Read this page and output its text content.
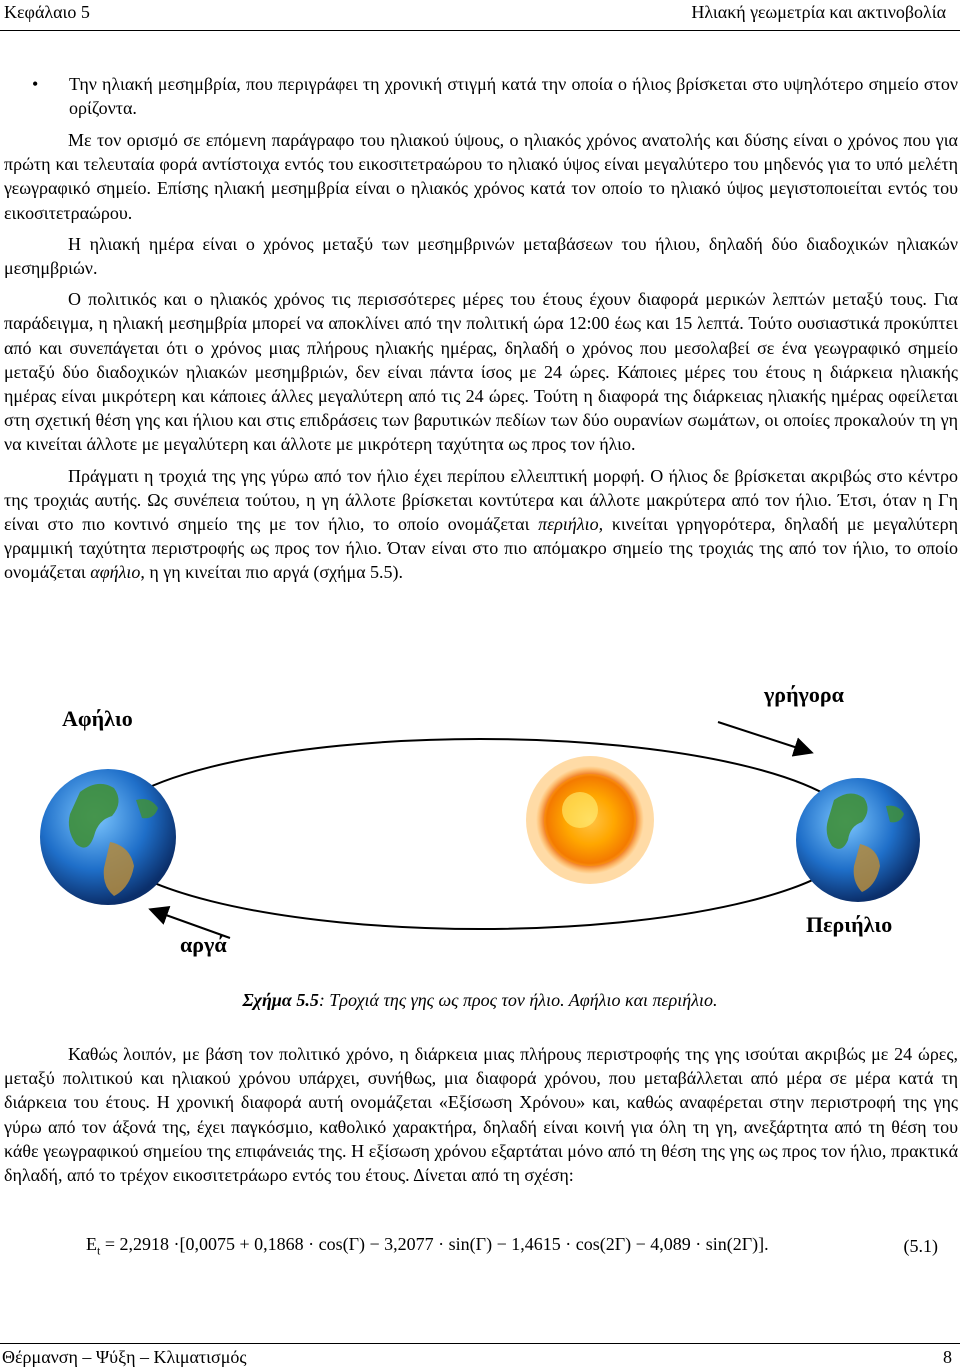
Κεφάλαιο 5	Ηλιακή γεωμετρία και ακτινοβολία
• Την ηλιακή μεσημβρία, που περιγράφει τη χρονική στιγμή κατά την οποία ο ήλιος βρίσκεται στο υψηλότερο σημείο στον ορίζοντα.

Με τον ορισμό σε επόμενη παράγραφο του ηλιακού ύψους, ο ηλιακός χρόνος ανατολής και δύσης είναι ο χρόνος που για πρώτη και τελευταία φορά αντίστοιχα εντός του εικοσιτετραώρου το ηλιακό ύψος είναι μεγαλύτερο του μηδενός για το υπό μελέτη γεωγραφικό σημείο. Επίσης ηλιακή μεσημβρία είναι ο ηλιακός χρόνος κατά τον οποίο το ηλιακό ύψος μεγιστοποιείται εντός του εικοσιτετραώρου.

Η ηλιακή ημέρα είναι ο χρόνος μεταξύ των μεσημβρινών μεταβάσεων του ήλιου, δηλαδή δύο διαδοχικών ηλιακών μεσημβριών.

Ο πολιτικός και ο ηλιακός χρόνος τις περισσότερες μέρες του έτους έχουν διαφορά μερικών λεπτών μεταξύ τους. Για παράδειγμα, η ηλιακή μεσημβρία μπορεί να αποκλίνει από την πολιτική ώρα 12:00 έως και 15 λεπτά. Τούτο ουσιαστικά προκύπτει από και συνεπάγεται ότι ο χρόνος μιας πλήρους ηλιακής ημέρας, δηλαδή ο χρόνος που μεσολαβεί σε ένα γεωγραφικό σημείο μεταξύ δύο διαδοχικών ηλιακών μεσημβριών, δεν είναι πάντα ίσος με 24 ώρες. Κάποιες μέρες του έτους η διάρκεια ηλιακής ημέρας είναι μικρότερη και κάποιες άλλες μεγαλύτερη από τις 24 ώρες. Τούτη η διαφορά της διάρκειας ηλιακής ημέρας οφείλεται στη σχετική θέση γης και ήλιου και στις επιδράσεις των βαρυτικών πεδίων των δύο ουρανίων σωμάτων, οι οποίες προκαλούν τη γη να κινείται άλλοτε με μεγαλύτερη και άλλοτε με μικρότερη ταχύτητα ως προς τον ήλιο.

Πράγματι η τροχιά της γης γύρω από τον ήλιο έχει περίπου ελλειπτική μορφή. Ο ήλιος δε βρίσκεται ακριβώς στο κέντρο της τροχιάς αυτής. Ως συνέπεια τούτου, η γη άλλοτε βρίσκεται κοντύτερα και άλλοτε μακρύτερα από τον ήλιο. Έτσι, όταν η Γη είναι στο πιο κοντινό σημείο της με τον ήλιο, το οποίο ονομάζεται περιήλιο, κινείται γρηγορότερα, δηλαδή με μεγαλύτερη γραμμική ταχύτητα περιστροφής ως προς τον ήλιο. Όταν είναι στο πιο απόμακρο σημείο της τροχιάς της από τον ήλιο, το οποίο ονομάζεται αφήλιο, η γη κινείται πιο αργά (σχήμα 5.5).

Αφήλιο
γρήγορα
αργά
Περιήλιο
Σχήμα 5.5: Τροχιά της γης ως προς τον ήλιο. Αφήλιο και περιήλιο.

Καθώς λοιπόν, με βάση τον πολιτικό χρόνο, η διάρκεια μιας πλήρους περιστροφής της γης ισούται ακριβώς με 24 ώρες, μεταξύ πολιτικού και ηλιακού χρόνου υπάρχει, συνήθως, μια διαφορά χρόνου, που μεταβάλλεται από μέρα σε μέρα κατά τη διάρκεια του έτους. Η χρονική διαφορά αυτή ονομάζεται «Εξίσωση Χρόνου» και, καθώς αναφέρεται στην περιστροφή της γης γύρω από τον άξονά της, έχει παγκόσμιο, καθολικό χαρακτήρα, δηλαδή είναι κοινή για όλη τη γη, ανεξάρτητα από τη θέση του κάθε γεωγραφικού σημείου της επιφάνειάς της. Η εξίσωση χρόνου εξαρτάται μόνο από τη θέση της γης ως προς τον ήλιο, πρακτικά δηλαδή, από το τρέχον εικοσιτετράωρο εντός του έτους. Δίνεται από τη σχέση:

$E_t = 2,2918 \cdot[0,0075 + 0,1868 \cdot \cos(\Gamma) - 3,2077 \cdot \sin(\Gamma) - 1,4615 \cdot \cos(2\Gamma) - 4,089 \cdot \sin(2\Gamma)]$.	(5.1)
Θέρμανση – Ψύξη – Κλιματισμός	8
